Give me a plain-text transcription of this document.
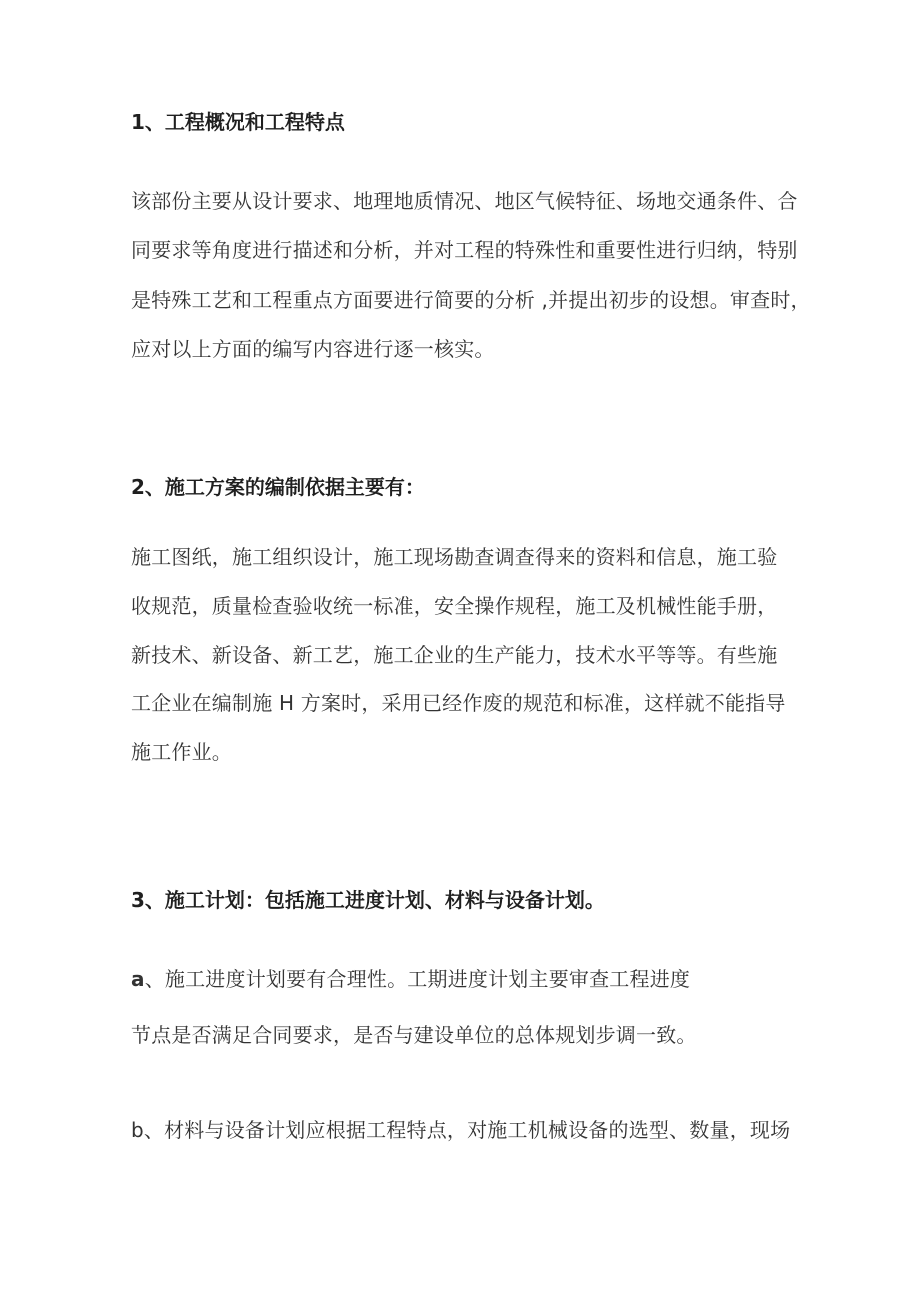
1、工程概况和工程特点
该部份主要从设计要求、地理地质情况、地区气候特征、场地交通条件、合
同要求等角度进行描述和分析，并对工程的特殊性和重要性进行归纳，特别
是特殊工艺和工程重点方面要进行简要的分析 ,并提出初步的设想。审查时，
应对以上方面的编写内容进行逐一核实。
2、施工方案的编制依据主要有：
施工图纸，施工组织设计，施工现场勘查调查得来的资料和信息，施工验
收规范，质量检查验收统一标准，安全操作规程，施工及机械性能手册，
新技术、新设备、新工艺，施工企业的生产能力，技术水平等等。有些施
工企业在编制施 H 方案时，采用已经作废的规范和标准，这样就不能指导
施工作业。
3、施工计划：包括施工进度计划、材料与设备计划。
a、施工进度计划要有合理性。工期进度计划主要审查工程进度
节点是否满足合同要求，是否与建设单位的总体规划步调一致。
b、材料与设备计划应根据工程特点，对施工机械设备的选型、数量，现场
